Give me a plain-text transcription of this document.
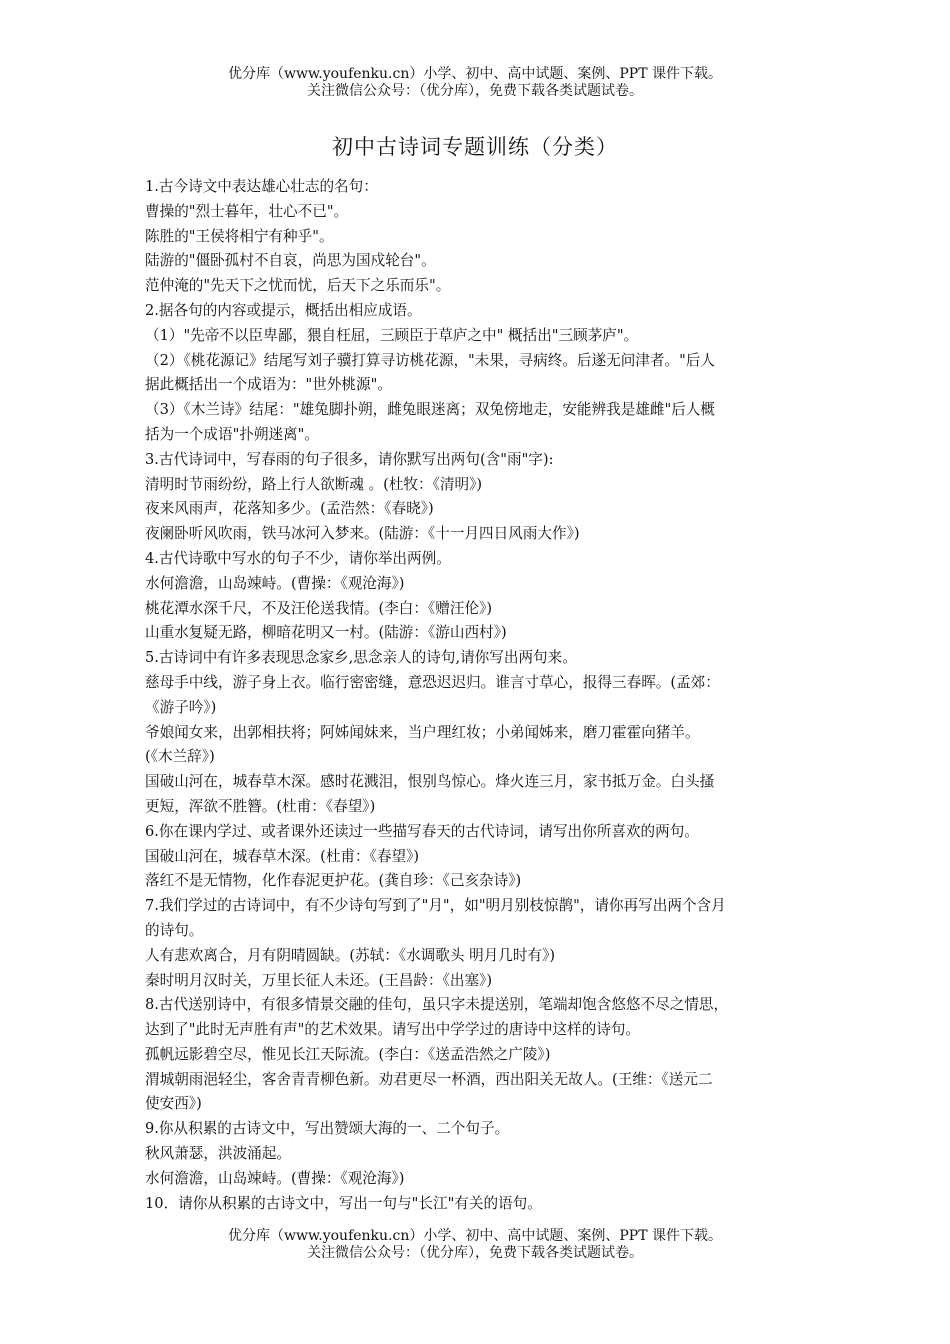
优分库（www.youfenku.cn）小学、初中、高中试题、案例、PPT 课件下载。
关注微信公众号：（优分库），免费下载各类试题试卷。
初中古诗词专题训练（分类）
1.古今诗文中表达雄心壮志的名句：
曹操的"烈士暮年，壮心不已"。
陈胜的"王侯将相宁有种乎"。
陆游的"僵卧孤村不自哀，尚思为国戍轮台"。
范仲淹的"先天下之忧而忧，后天下之乐而乐"。
2.据各句的内容或提示，概括出相应成语。
（1）"先帝不以臣卑鄙，猥自枉屈，三顾臣于草庐之中" 概括出"三顾茅庐"。
（2）《桃花源记》结尾写刘子骥打算寻访桃花源，"未果，寻病终。后遂无问津者。"后人
据此概括出一个成语为："世外桃源"。
（3）《木兰诗》结尾："雄兔脚扑朔，雌兔眼迷离；双兔傍地走，安能辨我是雄雌"后人概
括为一个成语"扑朔迷离"。
3.古代诗词中，写春雨的句子很多，请你默写出两句(含"雨"字):
清明时节雨纷纷，路上行人欲断魂 。(杜牧：《清明》)
夜来风雨声，花落知多少。(孟浩然：《春晓》)
夜阑卧听风吹雨，铁马冰河入梦来。(陆游：《十一月四日风雨大作》)
4.古代诗歌中写水的句子不少，请你举出两例。
水何澹澹，山岛竦峙。(曹操：《观沧海》)
桃花潭水深千尺，不及汪伦送我情。(李白：《赠汪伦》)
山重水复疑无路，柳暗花明又一村。(陆游：《游山西村》)
5.古诗词中有许多表现思念家乡,思念亲人的诗句,请你写出两句来。
慈母手中线，游子身上衣。临行密密缝，意恐迟迟归。谁言寸草心，报得三春晖。(孟郊：
《游子吟》)
爷娘闻女来，出郭相扶将；阿姊闻妹来，当户理红妆；小弟闻姊来，磨刀霍霍向猪羊。
(《木兰辞》)
国破山河在，城春草木深。感时花溅泪，恨别鸟惊心。烽火连三月，家书抵万金。白头搔
更短，浑欲不胜簪。(杜甫：《春望》)
6.你在课内学过、或者课外还读过一些描写春天的古代诗词，请写出你所喜欢的两句。
国破山河在，城春草木深。(杜甫：《春望》)
落红不是无情物，化作春泥更护花。(龚自珍：《己亥杂诗》)
7.我们学过的古诗词中，有不少诗句写到了"月"，如"明月别枝惊鹊"，请你再写出两个含月
的诗句。
人有悲欢离合，月有阴晴圆缺。(苏轼：《水调歌头 明月几时有》)
秦时明月汉时关，万里长征人未还。(王昌龄：《出塞》)
8.古代送别诗中，有很多情景交融的佳句，虽只字未提送别，笔端却饱含悠悠不尽之情思，
达到了"此时无声胜有声"的艺术效果。请写出中学学过的唐诗中这样的诗句。
孤帆远影碧空尽，惟见长江天际流。(李白：《送孟浩然之广陵》)
渭城朝雨浥轻尘，客舍青青柳色新。劝君更尽一杯酒，西出阳关无故人。(王维：《送元二
使安西》)
9.你从积累的古诗文中，写出赞颂大海的一、二个句子。
秋风萧瑟，洪波涌起。
水何澹澹，山岛竦峙。(曹操：《观沧海》)
10．请你从积累的古诗文中，写出一句与"长江"有关的语句。
优分库（www.youfenku.cn）小学、初中、高中试题、案例、PPT 课件下载。
关注微信公众号：（优分库），免费下载各类试题试卷。
